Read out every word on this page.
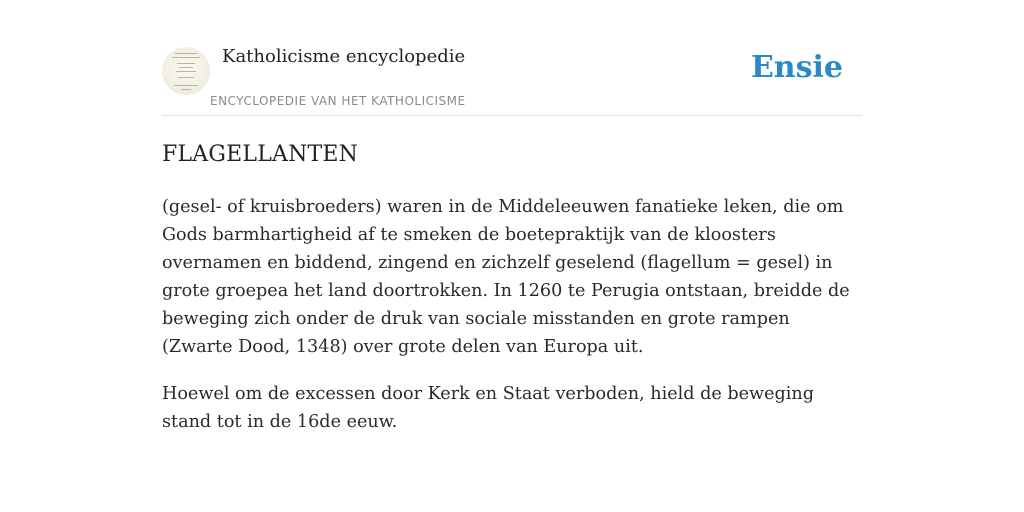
Katholicisme encyclopedie
ENCYCLOPEDIE VAN HET KATHOLICISME
Ensie
FLAGELLANTEN

(gesel- of kruisbroeders) waren in de Middeleeuwen fanatieke leken, die om Gods barmhartigheid af te smeken de boetepraktijk van de kloosters overnamen en biddend, zingend en zichzelf geselend (flagellum = gesel) in grote groepea het land doortrokken. In 1260 te Perugia ontstaan, breidde de beweging zich onder de druk van sociale misstanden en grote rampen (Zwarte Dood, 1348) over grote delen van Europa uit.

Hoewel om de excessen door Kerk en Staat verboden, hield de beweging stand tot in de 16de eeuw.
